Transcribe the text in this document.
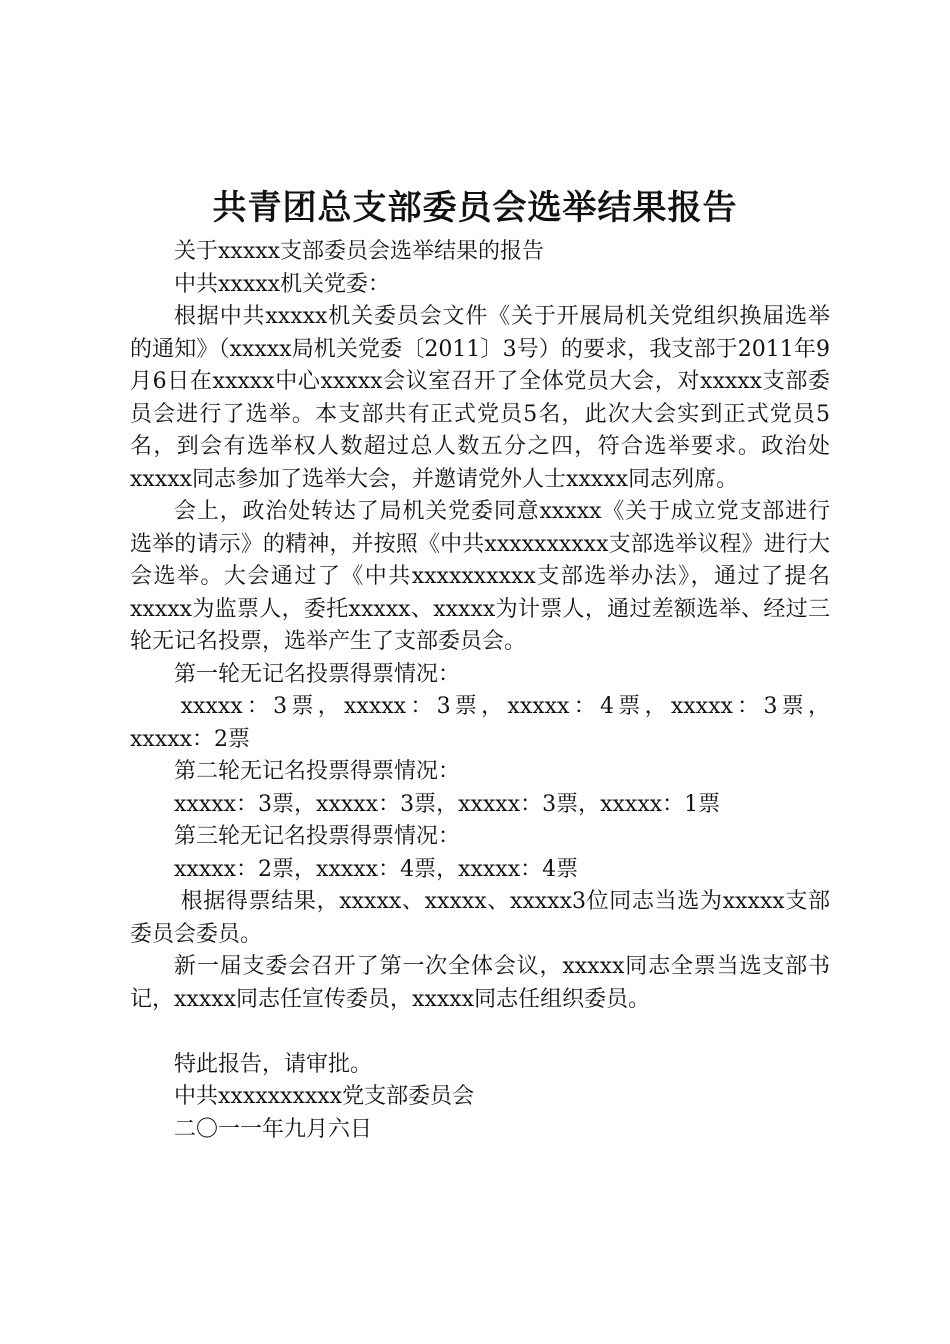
共青团总支部委员会选举结果报告

关于xxxxx支部委员会选举结果的报告

中共xxxxx机关党委：

根据中共xxxxx机关委员会文件《关于开展局机关党组织换届选举的通知》（xxxxx局机关党委〔2011〕3号）的要求，我支部于2011年9月6日在xxxxx中心xxxxx会议室召开了全体党员大会，对xxxxx支部委员会进行了选举。本支部共有正式党员5名，此次大会实到正式党员5名，到会有选举权人数超过总人数五分之四，符合选举要求。政治处xxxxx同志参加了选举大会，并邀请党外人士xxxxx同志列席。

会上，政治处转达了局机关党委同意xxxxx《关于成立党支部进行选举的请示》的精神，并按照《中共xxxxxxxxxx支部选举议程》进行大会选举。大会通过了《中共xxxxxxxxxx支部选举办法》，通过了提名xxxxx为监票人，委托xxxxx、xxxxx为计票人，通过差额选举、经过三轮无记名投票，选举产生了支部委员会。

第一轮无记名投票得票情况：

xxxxx：3票，xxxxx：3票，xxxxx：4票，xxxxx：3票，xxxxx：2票

第二轮无记名投票得票情况：

xxxxx：3票，xxxxx：3票，xxxxx：3票，xxxxx：1票

第三轮无记名投票得票情况：

xxxxx：2票，xxxxx：4票，xxxxx：4票

根据得票结果，xxxxx、xxxxx、xxxxx3位同志当选为xxxxx支部委员会委员。

新一届支委会召开了第一次全体会议，xxxxx同志全票当选支部书记，xxxxx同志任宣传委员，xxxxx同志任组织委员。

特此报告，请审批。

中共xxxxxxxxxx党支部委员会

二〇一一年九月六日
